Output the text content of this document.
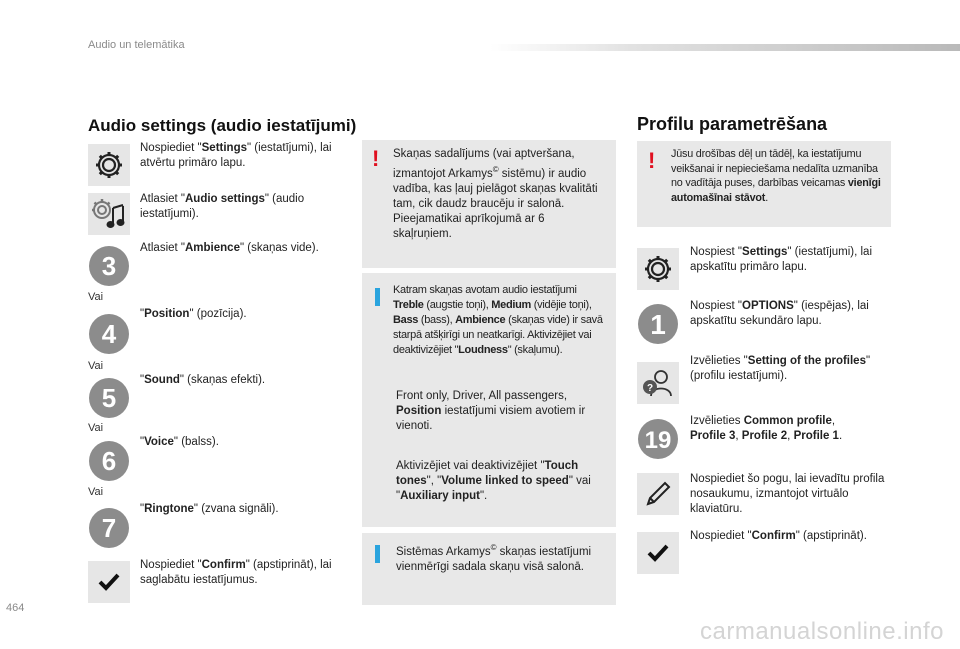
Audio un telemātika
Audio settings (audio iestatījumi)
Nospiediet "Settings" (iestatījumi), lai atvērtu primāro lapu.
Atlasiet "Audio settings" (audio iestatījumi).
3
Atlasiet "Ambience" (skaņas vide).
Vai
4
"Position" (pozīcija).
Vai
5
"Sound" (skaņas efekti).
Vai
6
"Voice" (balss).
Vai
7
"Ringtone" (zvana signāli).
Nospiediet "Confirm" (apstiprināt), lai saglabātu iestatījumus.
! Skaņas sadalījums (vai aptveršana, izmantojot Arkamys© sistēmu) ir audio vadība, kas ļauj pielāgot skaņas kvalitāti tam, cik daudz braucēju ir salonā.
Pieejamatikai aprīkojumā ar 6 skaļruņiem.
Katram skaņas avotam audio iestatījumi Treble (augstie toņi), Medium (vidējie toņi), Bass (bass), Ambience (skaņas vide) ir savā starpā atšķirīgi un neatkarīgi. Aktivizējiet vai deaktivizējiet "Loudness" (skaļumu).
Front only, Driver, All passengers, Position iestatījumi visiem avotiem ir vienoti.
Aktivizējiet vai deaktivizējiet "Touch tones", "Volume linked to speed" vai "Auxiliary input".
Sistēmas Arkamys© skaņas iestatījumi vienmērīgi sadala skaņu visā salonā.
Profilu parametrēšana
! Jūsu drošības dēļ un tādēļ, ka iestatījumu veikšanai ir nepieciešama nedalīta uzmanība no vadītāja puses, darbības veicamas vienīgi automašīnai stāvot.
Nospiest "Settings" (iestatījumi), lai apskatītu primāro lapu.
1
Nospiest "OPTIONS" (iespējas), lai apskatītu sekundāro lapu.
?
Izvēlieties "Setting of the profiles" (profilu iestatījumi).
19
Izvēlieties Common profile,
Profile 3, Profile 2, Profile 1.
Nospiediet šo pogu, lai ievadītu profila nosaukumu, izmantojot virtuālo klaviatūru.
Nospiediet "Confirm" (apstiprināt).
464
carmanualsonline.info
